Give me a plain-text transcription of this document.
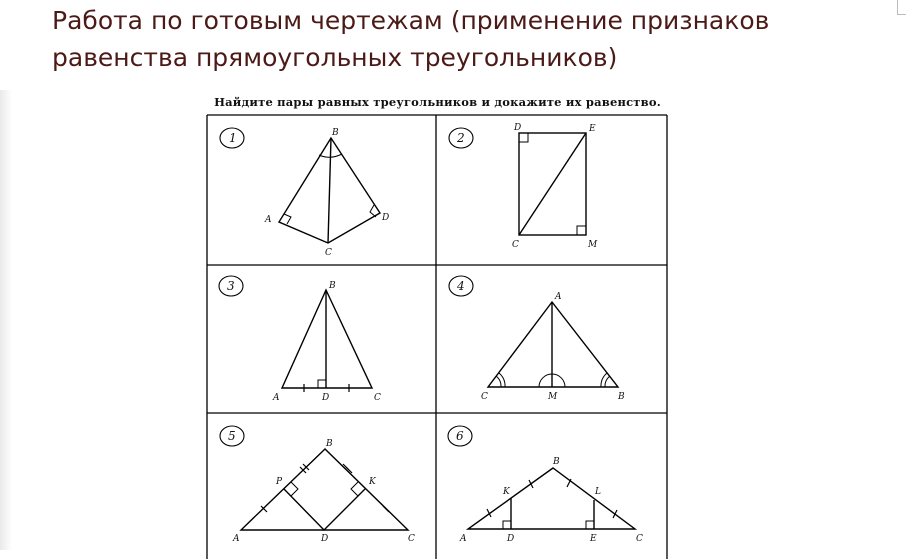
Работа по готовым чертежам (применение признаков равенства прямоугольных треугольников)
Найдите пары равных треугольников и докажите их равенство.
1	B
A	D
C
2
D	E
C	M
3	B
A	D	C
4
A
C	M	B
5
B
P	K
A	D	C
6
B
K	L
A	D	E	C
